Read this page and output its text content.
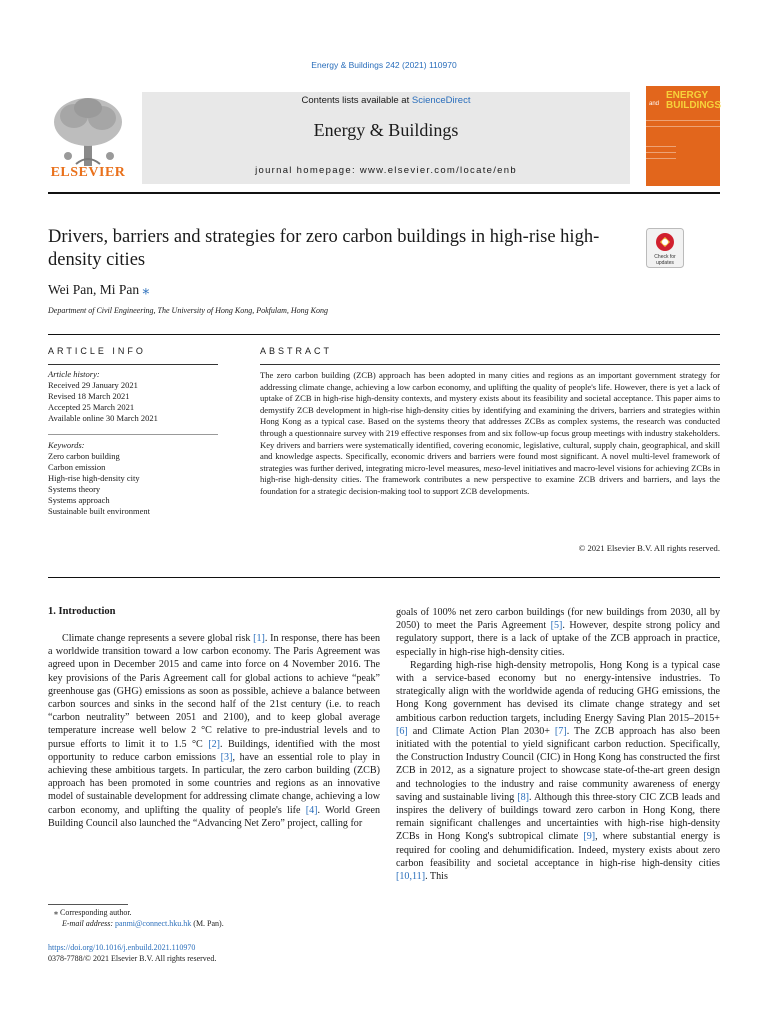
Energy & Buildings 242 (2021) 110970
ELSEVIER
Contents lists available at ScienceDirect
Energy & Buildings
journal homepage: www.elsevier.com/locate/enb
ENERGY
and BUILDINGS
Drivers, barriers and strategies for zero carbon buildings in high-rise high-density cities	Check for
updates
Wei Pan, Mi Pan ⁎
Department of Civil Engineering, The University of Hong Kong, Pokfulam, Hong Kong
ARTICLE INFO
Article history:
Received 29 January 2021
Revised 18 March 2021
Accepted 25 March 2021
Available online 30 March 2021
Keywords:
Zero carbon building
Carbon emission
High-rise high-density city
Systems theory
Systems approach
Sustainable built environment
ABSTRACT
The zero carbon building (ZCB) approach has been adopted in many cities and regions as an important government strategy for addressing climate change, achieving a low carbon economy, and uplifting the quality of people's life. However, there is yet a lack of uptake of ZCB in high-rise high-density contexts, and mystery exists about its feasibility and societal acceptance. This paper aims to demystify ZCB development in high-rise high-density cities by identifying and examining the drivers, barriers and strategies within Hong Kong as a typical case. Based on the systems theory that addresses ZCBs as complex systems, the research was conducted through a questionnaire survey with 219 effective responses from and six follow-up focus group meetings with industry stakeholders. Key drivers and barriers were systematically identified, covering economic, legislative, cultural, supply chain, geographical, and skill and knowledge aspects. Specifically, economic drivers and barriers were found most significant. A novel multi-level framework of strategies was further derived, integrating micro-level measures, meso-level initiatives and macro-level visions for achieving ZCBs in high-rise high-density cities. The framework contributes a new perspective to examine ZCB drivers and barriers, and lays the foundation for a strategic decision-making tool to support ZCB developments.
© 2021 Elsevier B.V. All rights reserved.
1. Introduction

Climate change represents a severe global risk [1]. In response, there has been a worldwide transition toward a low carbon economy. The Paris Agreement was agreed upon in December 2015 and came into force on 4 November 2016. The key provisions of the Paris Agreement call for global actions to achieve “peak” greenhouse gas (GHG) emissions as soon as possible, achieve a balance between carbon sources and sinks in the second half of the 21st century (i.e. to reach “carbon neutrality” between 2051 and 2100), and to keep global average temperature increase well below 2 °C relative to pre-industrial levels and to pursue efforts to limit it to 1.5 °C [2]. Buildings, identified with the most opportunity to reduce carbon emissions [3], have an essential role to play in achieving these ambitious targets. In particular, the zero carbon building (ZCB) approach has been promoted in some countries and regions as an innovative model of sustainable development for addressing climate change, achieving a low carbon economy, and uplifting the quality of people's life [4]. World Green Building Council also launched the “Advancing Net Zero” project, calling for

goals of 100% net zero carbon buildings (for new buildings from 2030, all by 2050) to meet the Paris Agreement [5]. However, despite strong policy and regulatory support, there is a lack of uptake of the ZCB approach in practice, especially in high-rise high-density cities.

Regarding high-rise high-density metropolis, Hong Kong is a typical case with a service-based economy but no energy-intensive industries. To strategically align with the worldwide agenda of reducing GHG emissions, the Hong Kong government has devised its climate change strategy and set ambitious carbon reduction targets, including Energy Saving Plan 2015–2015+ [6] and Climate Action Plan 2030+ [7]. The ZCB approach has also been initiated with the potential to yield significant carbon reduction. Specifically, the Construction Industry Council (CIC) in Hong Kong has constructed the first ZCB in 2012, as a signature project to showcase state-of-the-art green design and technologies to the industry and raise community awareness of energy saving and sustainable living [8]. Although this three-story CIC ZCB leads and inspires the delivery of buildings toward zero carbon in Hong Kong, there remain significant challenges and uncertainties with high-rise high-density ZCBs in Hong Kong's subtropical climate [9], where substantial energy is required for cooling and dehumidification. Indeed, mystery exists about zero carbon feasibility and societal acceptance in high-rise high-density cities [10,11]. This

⁎ Corresponding author.
E-mail address: panmi@connect.hku.hk (M. Pan).
https://doi.org/10.1016/j.enbuild.2021.110970
0378-7788/© 2021 Elsevier B.V. All rights reserved.
